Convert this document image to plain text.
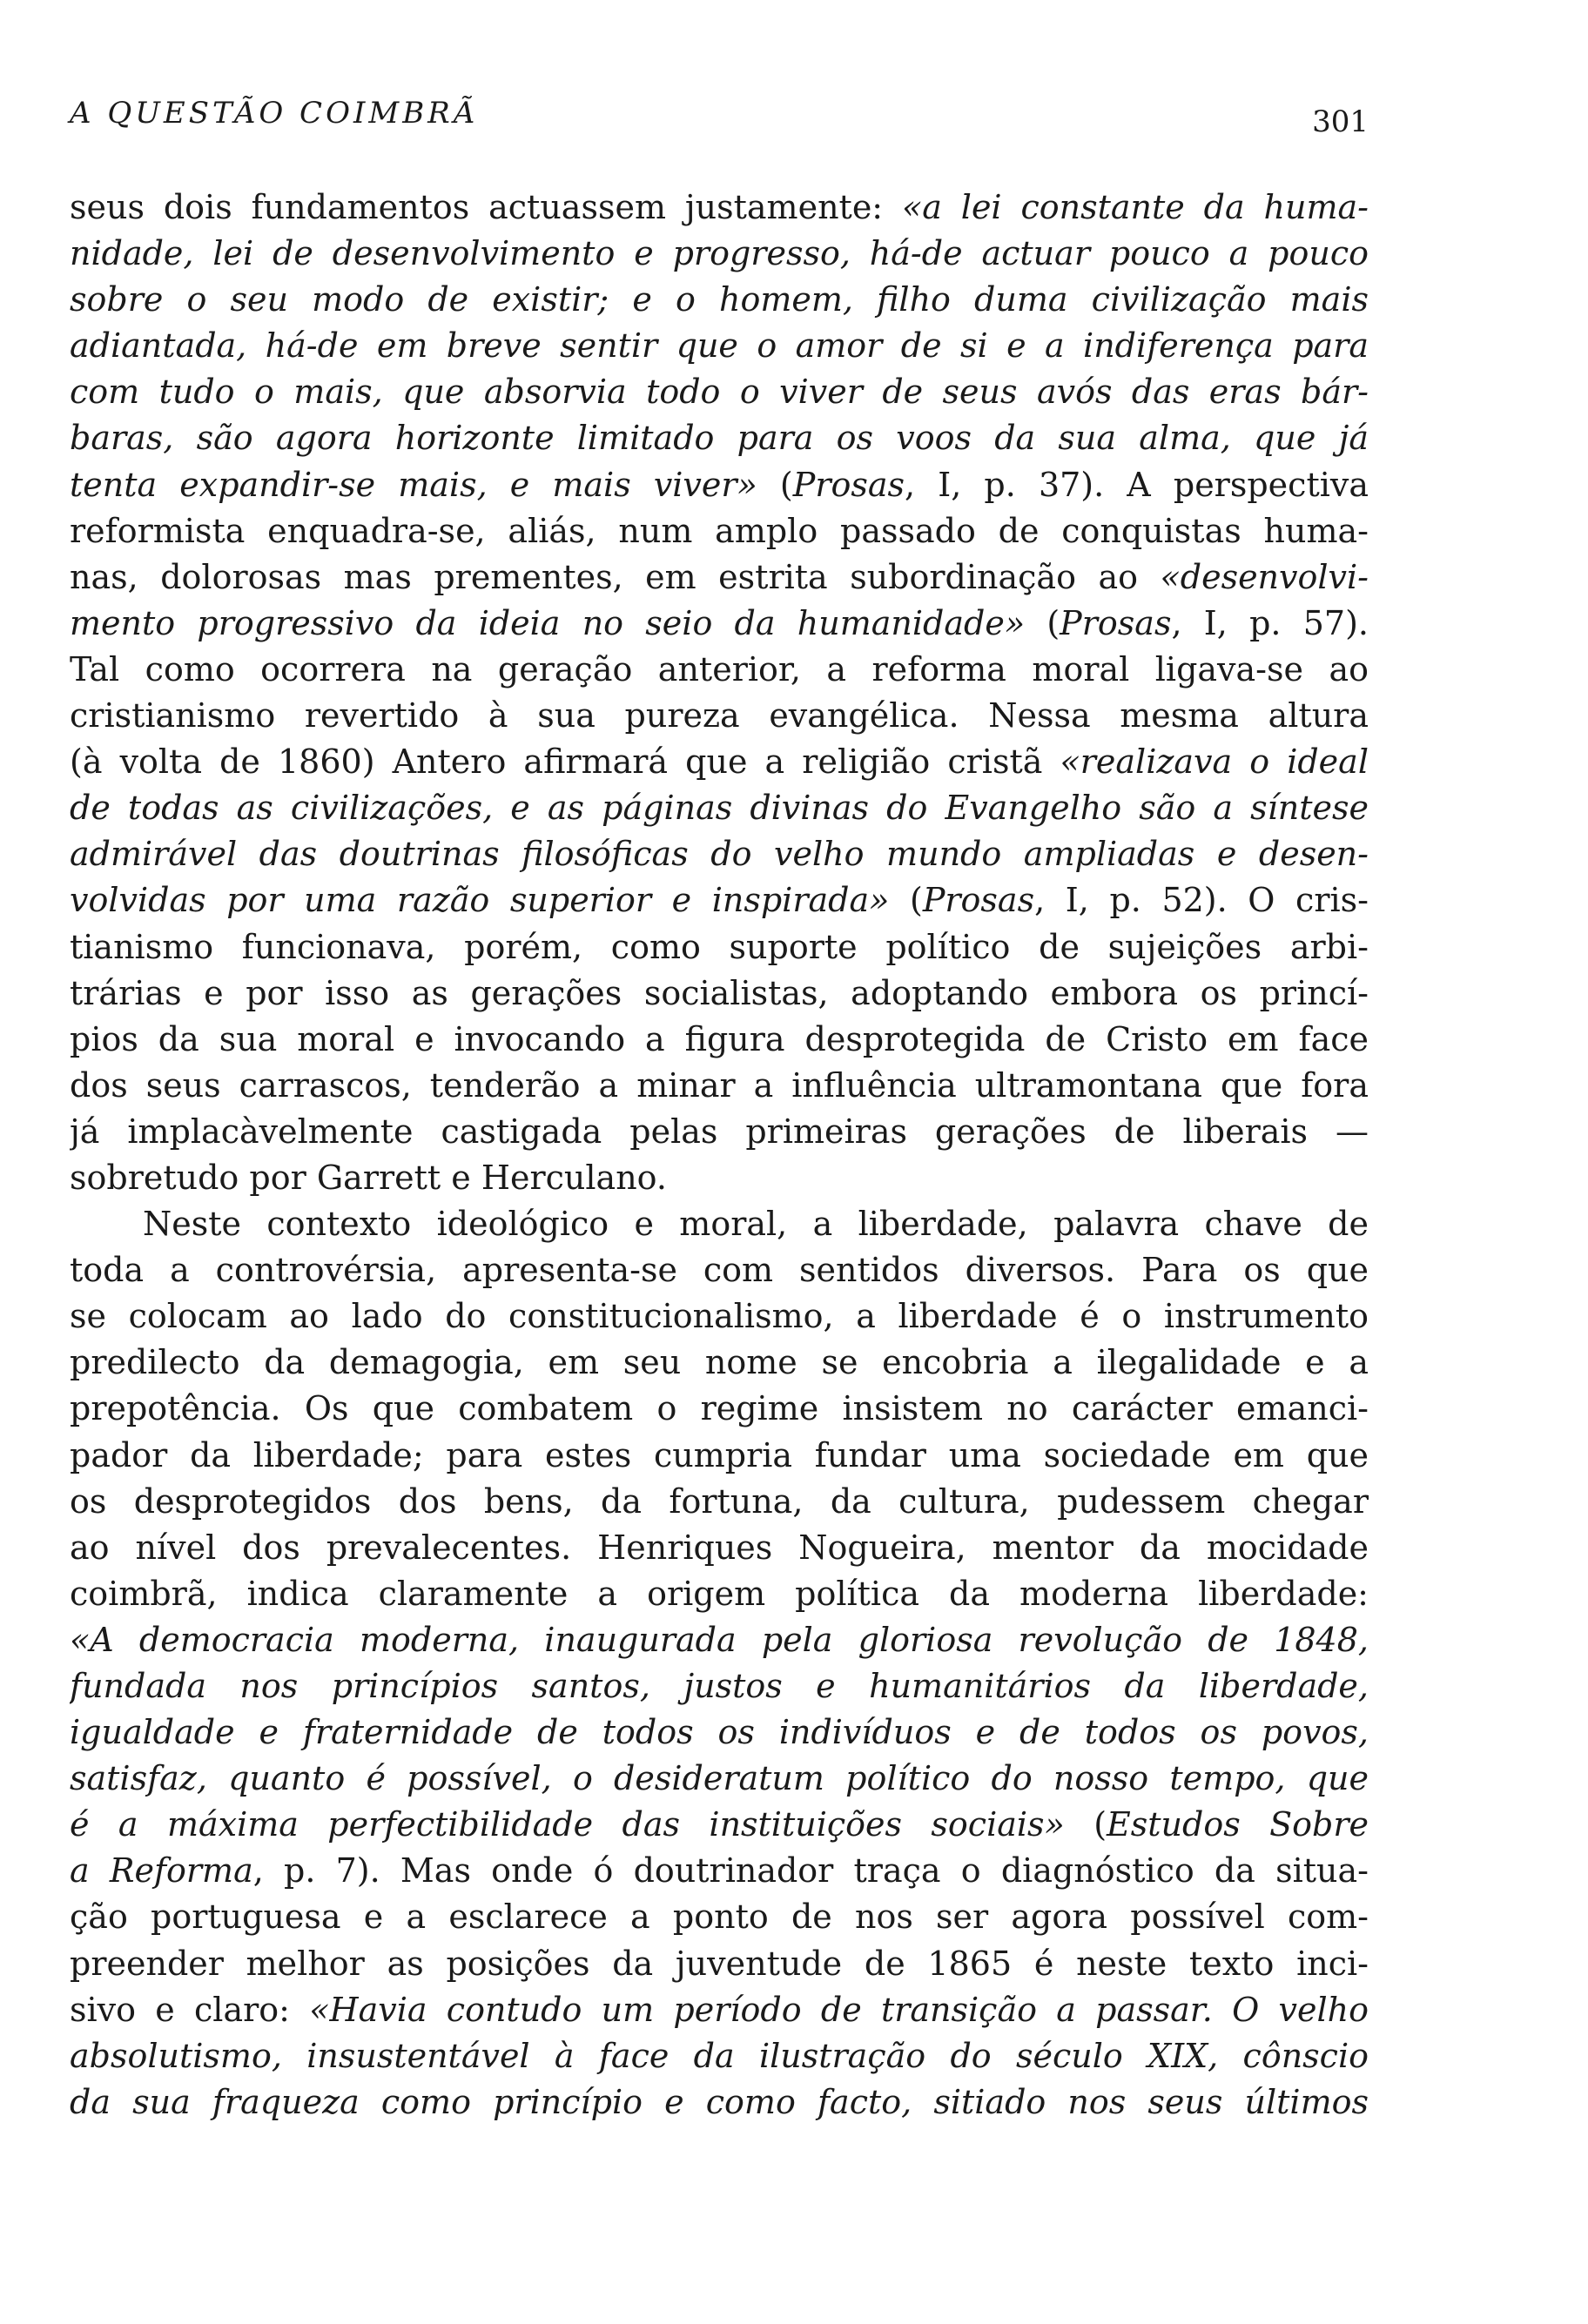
A QUESTÃO COIMBRÃ	301
seus dois fundamentos actuassem justamente: «a lei constante da huma-
nidade, lei de desenvolvimento e progresso, há-de actuar pouco a pouco
sobre o seu modo de existir; e o homem, filho duma civilização mais
adiantada, há-de em breve sentir que o amor de si e a indiferença para
com tudo o mais, que absorvia todo o viver de seus avós das eras bár-
baras, são agora horizonte limitado para os voos da sua alma, que já
tenta expandir-se mais, e mais viver» (Prosas, I, p. 37). A perspectiva
reformista enquadra-se, aliás, num amplo passado de conquistas huma-
nas, dolorosas mas prementes, em estrita subordinação ao «desenvolvi-
mento progressivo da ideia no seio da humanidade» (Prosas, I, p. 57).
Tal como ocorrera na geração anterior, a reforma moral ligava-se ao
cristianismo revertido à sua pureza evangélica. Nessa mesma altura
(à volta de 1860) Antero afirmará que a religião cristã «realizava o ideal
de todas as civilizações, e as páginas divinas do Evangelho são a síntese
admirável das doutrinas filosóficas do velho mundo ampliadas e desen-
volvidas por uma razão superior e inspirada» (Prosas, I, p. 52). O cris-
tianismo funcionava, porém, como suporte político de sujeições arbi-
trárias e por isso as gerações socialistas, adoptando embora os princí-
pios da sua moral e invocando a figura desprotegida de Cristo em face
dos seus carrascos, tenderão a minar a influência ultramontana que fora
já implacàvelmente castigada pelas primeiras gerações de liberais —
sobretudo por Garrett e Herculano.
Neste contexto ideológico e moral, a liberdade, palavra chave de
toda a controvérsia, apresenta-se com sentidos diversos. Para os que
se colocam ao lado do constitucionalismo, a liberdade é o instrumento
predilecto da demagogia, em seu nome se encobria a ilegalidade e a
prepotência. Os que combatem o regime insistem no carácter emanci-
pador da liberdade; para estes cumpria fundar uma sociedade em que
os desprotegidos dos bens, da fortuna, da cultura, pudessem chegar
ao nível dos prevalecentes. Henriques Nogueira, mentor da mocidade
coimbrã, indica claramente a origem política da moderna liberdade:
«A democracia moderna, inaugurada pela gloriosa revolução de 1848,
fundada nos princípios santos, justos e humanitários da liberdade,
igualdade e fraternidade de todos os indivíduos e de todos os povos,
satisfaz, quanto é possível, o desideratum político do nosso tempo, que
é a máxima perfectibilidade das instituições sociais» (Estudos Sobre
a Reforma, p. 7). Mas onde ó doutrinador traça o diagnóstico da situa-
ção portuguesa e a esclarece a ponto de nos ser agora possível com-
preender melhor as posições da juventude de 1865 é neste texto inci-
sivo e claro: «Havia contudo um período de transição a passar. O velho
absolutismo, insustentável à face da ilustração do século XIX, cônscio
da sua fraqueza como princípio e como facto, sitiado nos seus últimos
